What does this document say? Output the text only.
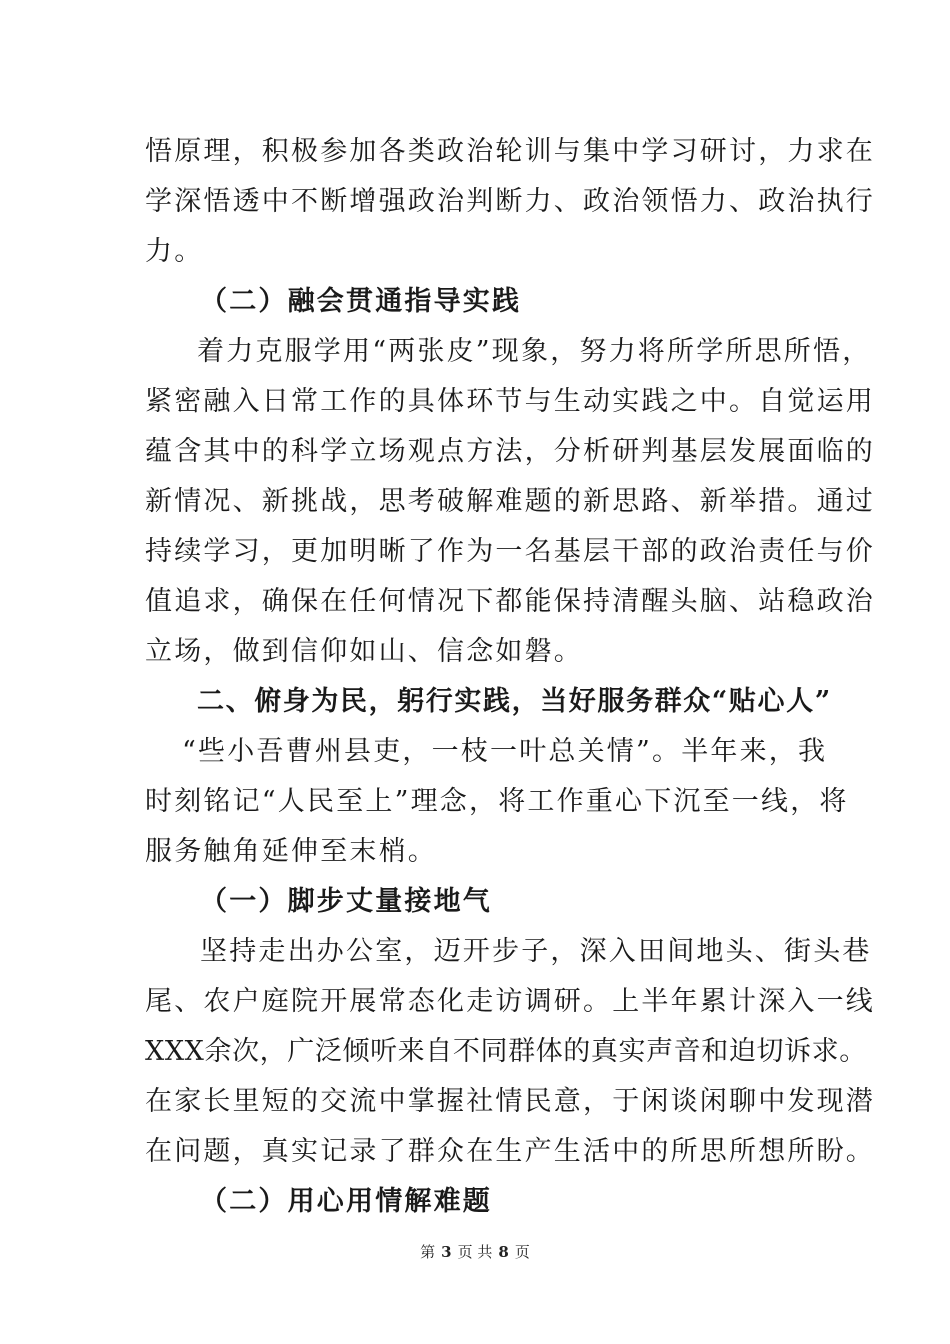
悟原理，积极参加各类政治轮训与集中学习研讨，力求在
学深悟透中不断增强政治判断力、政治领悟力、政治执行
力。
（二）融会贯通指导实践
着力克服学用“两张皮”现象，努力将所学所思所悟，
紧密融入日常工作的具体环节与生动实践之中。自觉运用
蕴含其中的科学立场观点方法，分析研判基层发展面临的
新情况、新挑战，思考破解难题的新思路、新举措。通过
持续学习，更加明晰了作为一名基层干部的政治责任与价
值追求，确保在任何情况下都能保持清醒头脑、站稳政治
立场，做到信仰如山、信念如磐。
二、俯身为民，躬行实践，当好服务群众“贴心人”
“些小吾曹州县吏，一枝一叶总关情”。半年来，我
时刻铭记“人民至上”理念，将工作重心下沉至一线，将
服务触角延伸至末梢。
（一）脚步丈量接地气
坚持走出办公室，迈开步子，深入田间地头、街头巷
尾、农户庭院开展常态化走访调研。上半年累计深入一线
XXX余次，广泛倾听来自不同群体的真实声音和迫切诉求。
在家长里短的交流中掌握社情民意，于闲谈闲聊中发现潜
在问题，真实记录了群众在生产生活中的所思所想所盼。
（二）用心用情解难题
第 3 页 共 8 页
